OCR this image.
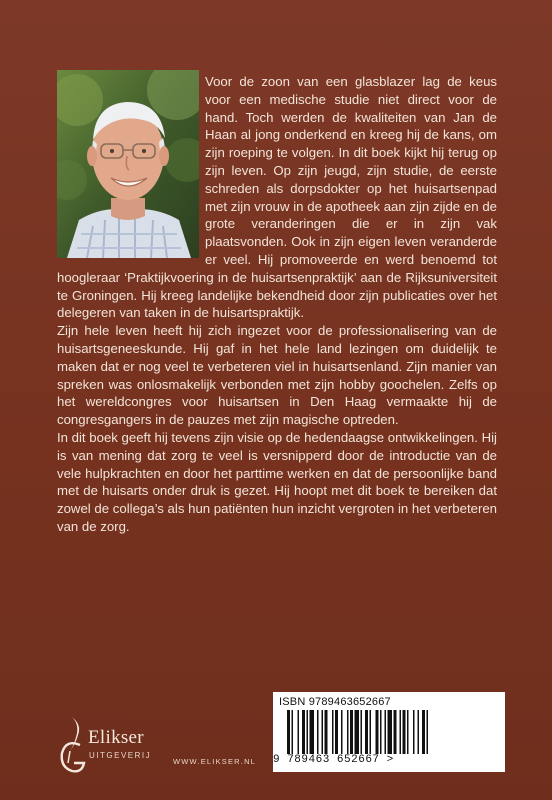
Voor de zoon van een glasblazer lag de keus voor een medische studie niet direct voor de hand. Toch werden de kwaliteiten van Jan de Haan al jong onderkend en kreeg hij de kans, om zijn roeping te volgen. In dit boek kijkt hij terug op zijn leven. Op zijn jeugd, zijn studie, de eerste schreden als dorpsdokter op het huisartsenpad met zijn vrouw in de apotheek aan zijn zijde en de grote veranderingen die er in zijn vak plaatsvonden. Ook in zijn eigen leven veranderde er veel. Hij promoveerde en werd benoemd tot hoogleraar ‘Praktijkvoering in de huisartsenpraktijk’ aan de Rijksuniversiteit te Groningen. Hij kreeg landelijke bekendheid door zijn publicaties over het delegeren van taken in de huisartspraktijk.

Zijn hele leven heeft hij zich ingezet voor de professionalisering van de huisartsgeneeskunde. Hij gaf in het hele land lezingen om duidelijk te maken dat er nog veel te verbeteren viel in huisartsenland. Zijn manier van spreken was onlosmakelijk verbonden met zijn hobby goochelen. Zelfs op het wereldcongres voor huisartsen in Den Haag vermaakte hij de congresgangers in de pauzes met zijn magische optreden.

In dit boek geeft hij tevens zijn visie op de hedendaagse ontwikkelingen. Hij is van mening dat zorg te veel is versnipperd door de introductie van de vele hulpkrachten en door het parttime werken en dat de persoonlijke band met de huisarts onder druk is gezet. Hij hoopt met dit boek te bereiken dat zowel de collega’s als hun patiënten hun inzicht vergroten in het verbeteren van de zorg.

Elikser
UITGEVERIJ
WWW.ELIKSER.NL
ISBN 9789463652667
9 789463 652667 >
